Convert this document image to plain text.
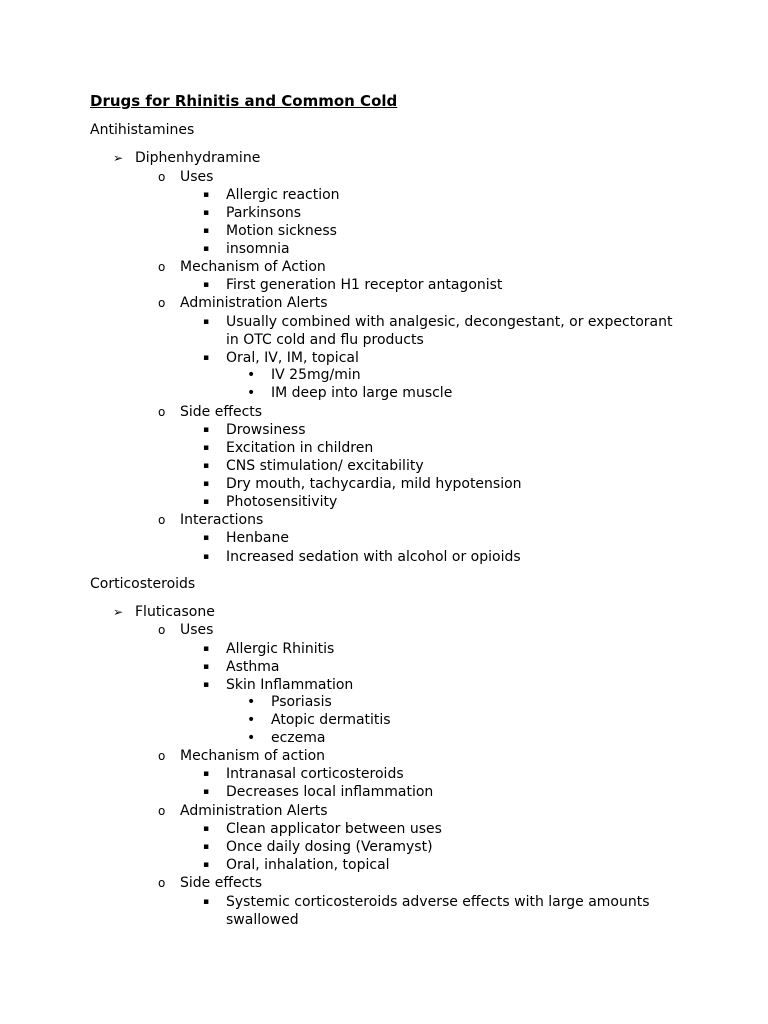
Drugs for Rhinitis and Common Cold

Antihistamines

➢ Diphenhydramine
o Uses
▪ Allergic reaction
▪ Parkinsons
▪ Motion sickness
▪ insomnia
o Mechanism of Action
▪ First generation H1 receptor antagonist
o Administration Alerts
▪ Usually combined with analgesic, decongestant, or expectorant
in OTC cold and flu products
▪ Oral, IV, IM, topical
• IV 25mg/min
• IM deep into large muscle
o Side effects
▪ Drowsiness
▪ Excitation in children
▪ CNS stimulation/ excitability
▪ Dry mouth, tachycardia, mild hypotension
▪ Photosensitivity
o Interactions
▪ Henbane
▪ Increased sedation with alcohol or opioids

Corticosteroids

➢ Fluticasone
o Uses
▪ Allergic Rhinitis
▪ Asthma
▪ Skin Inflammation
• Psoriasis
• Atopic dermatitis
• eczema
o Mechanism of action
▪ Intranasal corticosteroids
▪ Decreases local inflammation
o Administration Alerts
▪ Clean applicator between uses
▪ Once daily dosing (Veramyst)
▪ Oral, inhalation, topical
o Side effects
▪ Systemic corticosteroids adverse effects with large amounts
swallowed
